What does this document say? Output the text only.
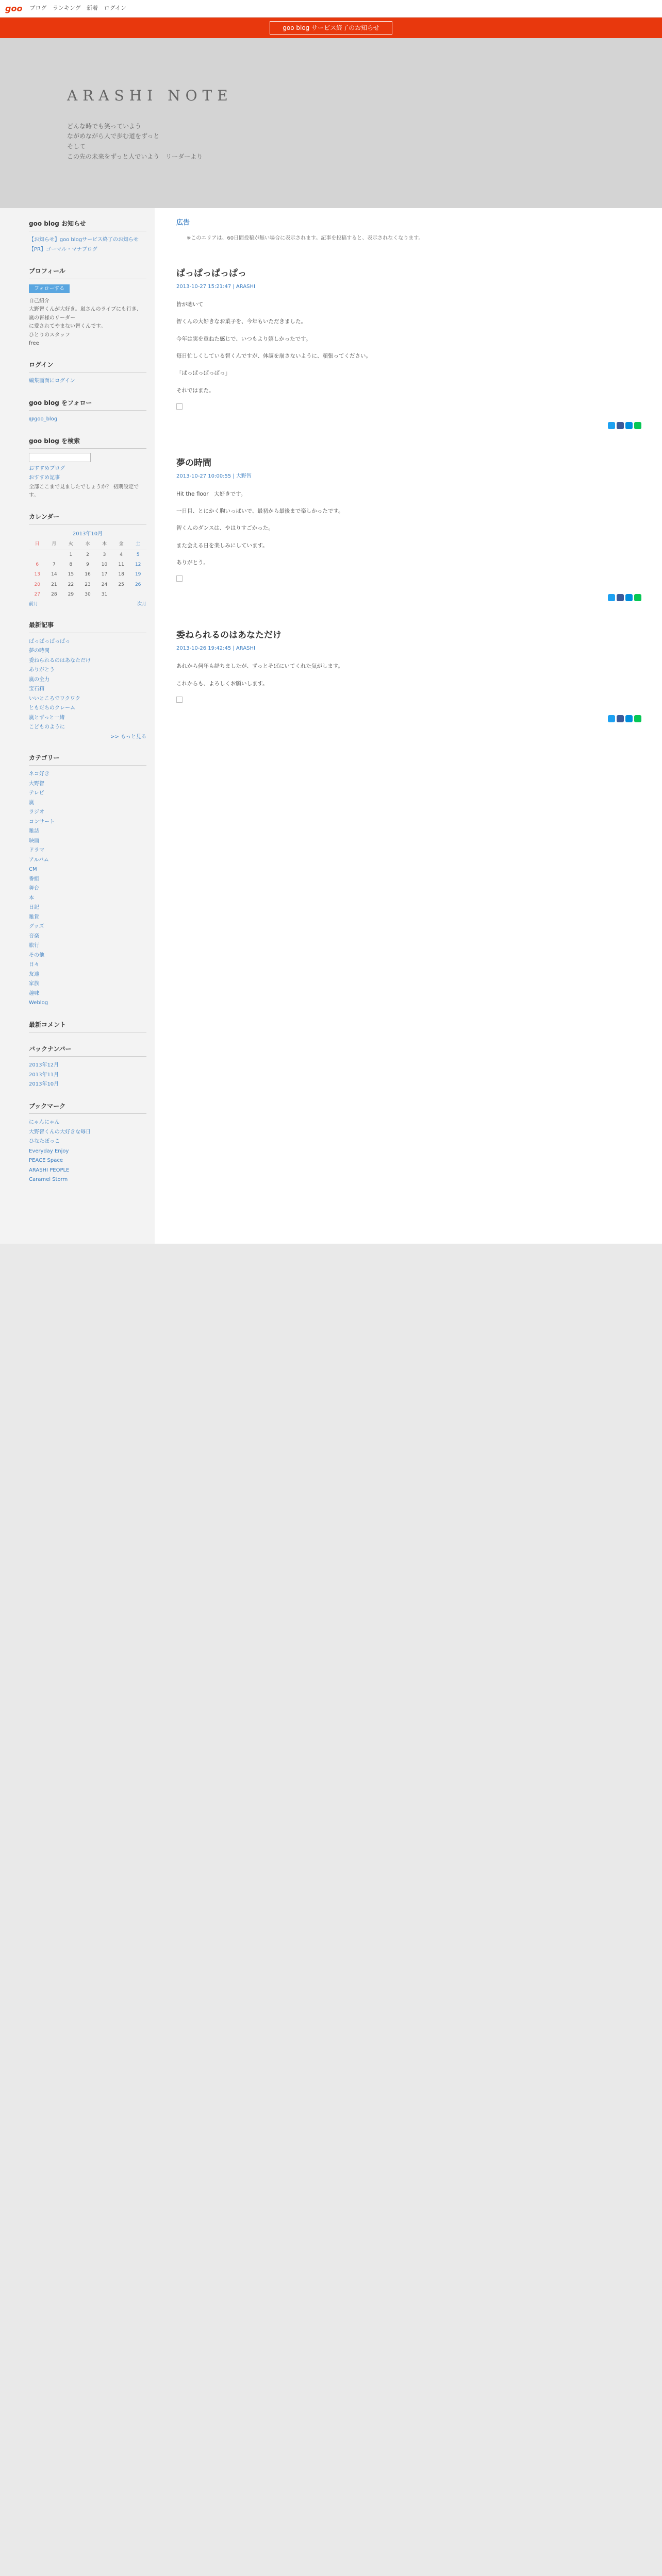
goo ブログ ランキング 新着 ログイン
goo blog サービス終了のお知らせ
ARASHI NOTE
どんな時でも笑っていよう
ながめながら人で歩む道をずっと
そして
この先の未来をずっと人でいよう　リーダーより
goo blog お知らせ
【お知らせ】goo blogサービス終了のお知らせ
【PR】ゴーマル・マナブログ
プロフィール
フォローする
自己紹介
大野智くんが大好き。嵐さんのライブにも行き、嵐の皆様のリーダー
に愛されてやまない智くんです。
ひとりのスタッフ
free
ログイン
編集画面にログイン
goo blog をフォロー
@goo_blog
goo blog を検索
おすすめブログ
おすすめ記事
全部ここまで見ましたでしょうか？ 初期設定です。
カレンダー
2013年10月
日	月	火	水	木	金	土
		1	2	3	4	5
6	7	8	9	10	11	12
13	14	15	16	17	18	19
20	21	22	23	24	25	26
27	28	29	30	31		
前月	次月
最新記事
ぱっぱっぱっぱっ
夢の時間
委ねられるのはあなただけ
ありがとう
嵐の全力
宝石箱
いいところでワクワク
ともだちのクレーム
嵐とずっと一緒
こどものように
>> もっと見る
カテゴリー
ネコ好き
大野智
テレビ
嵐
ラジオ
コンサート
雑誌
映画
ドラマ
アルバム
CM
番組
舞台
本
日記
雑貨
グッズ
音楽
旅行
その他
日々
友達
家族
趣味
Weblog
最新コメント
バックナンバー
2013年12月
2013年11月
2013年10月
ブックマーク
にゃんにゃん
大野智くんの大好きな毎日
ひなたぼっこ
Everyday Enjoy
PEACE Space
ARASHI PEOPLE
Caramel Storm
広告
※このエリアは、60日間投稿が無い場合に表示されます。記事を投稿すると、表示されなくなります。
ぱっぱっぱっぱっ
2013-10-27 15:21:47 | ARASHI

皆が聴いて

智くんの大好きなお菓子を、今年もいただきました。

今年は実を重ねた感じで、いつもより嬉しかったです。

毎日忙しくしている智くんですが、体調を崩さないように、頑張ってください。

「ぱっぱっぱっぱっ」

それではまた。

夢の時間
2013-10-27 10:00:55 | 大野智

Hit the floor　大好きです。

一日目、とにかく胸いっぱいで、最初から最後まで楽しかったです。

智くんのダンスは、やはりすごかった。

また会える日を楽しみにしています。

ありがとう。

委ねられるのはあなただけ
2013-10-26 19:42:45 | ARASHI

あれから何年も経ちましたが、ずっとそばにいてくれた気がします。

これからも、よろしくお願いします。
